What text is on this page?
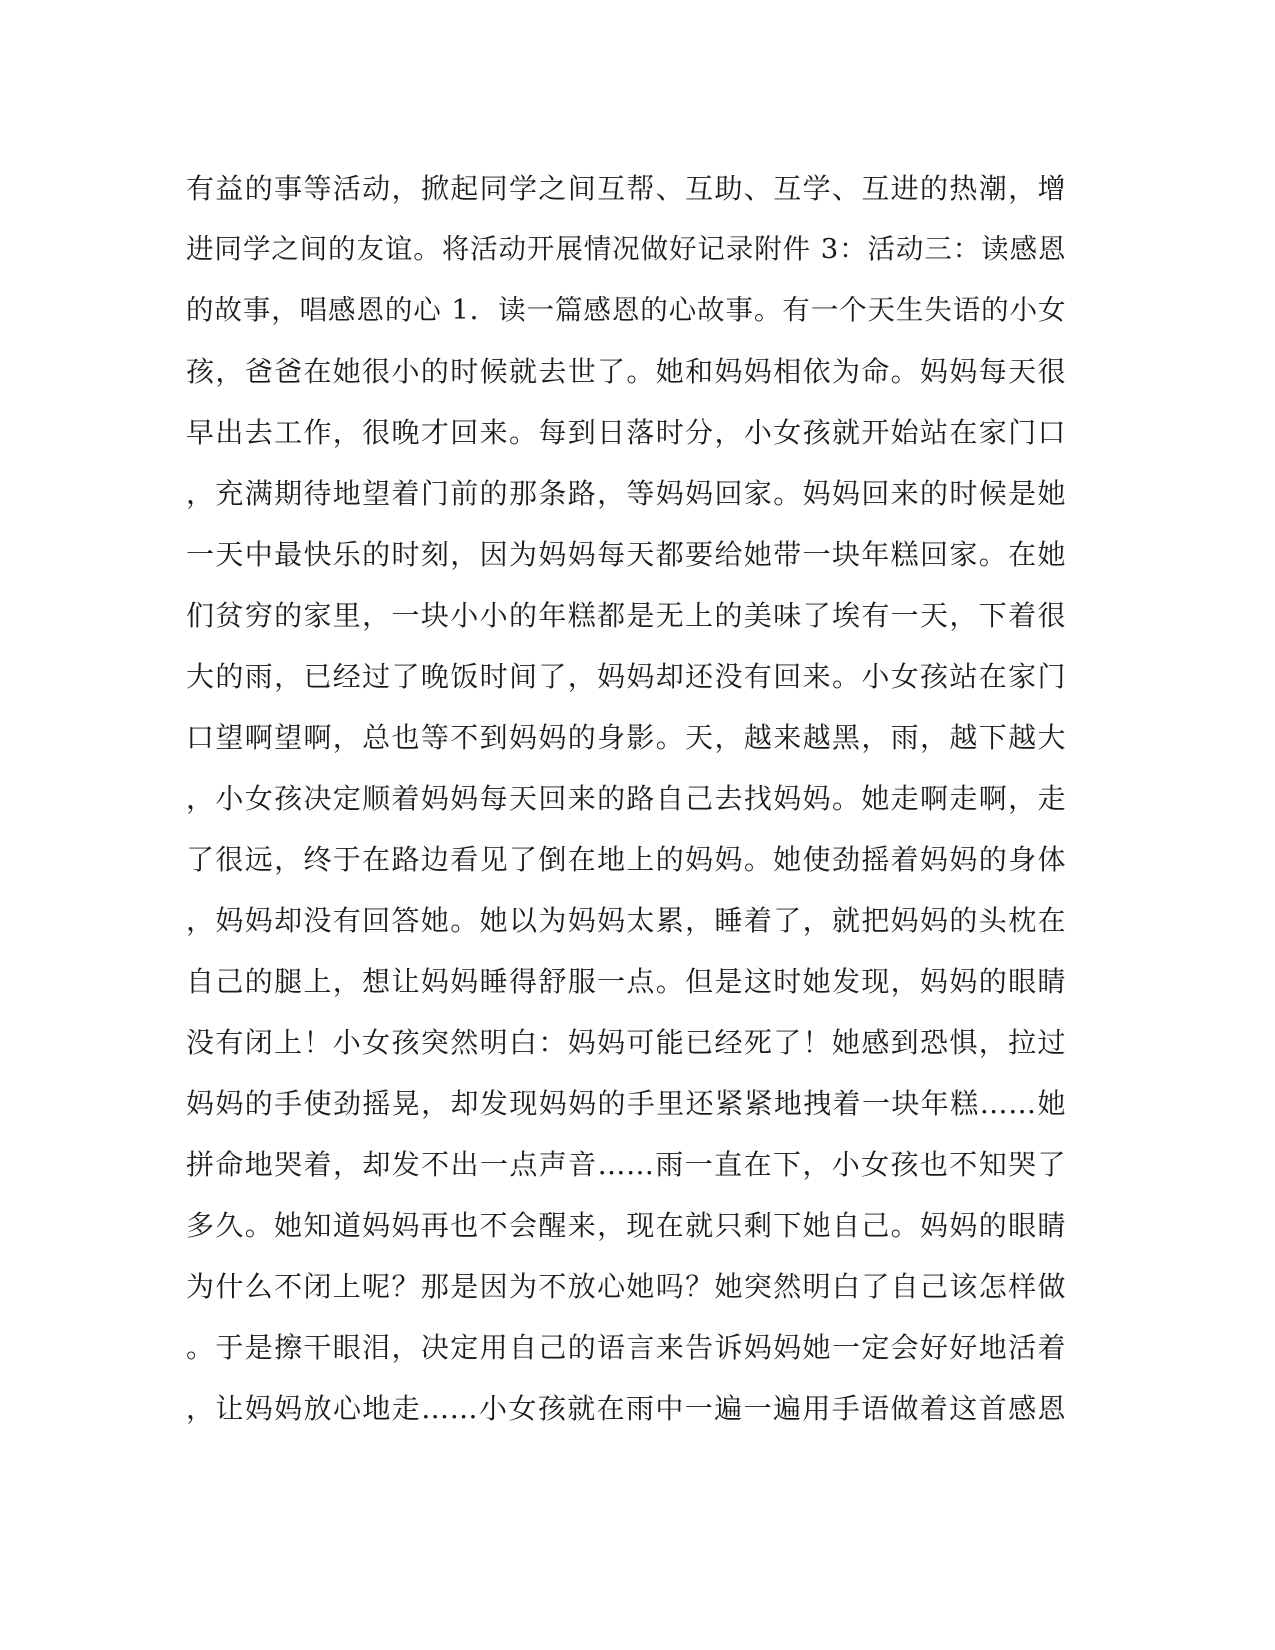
有益的事等活动，掀起同学之间互帮、互助、互学、互进的热潮，增
进同学之间的友谊。将活动开展情况做好记录附件 3：活动三：读感恩
的故事，唱感恩的心 1．读一篇感恩的心故事。有一个天生失语的小女
孩，爸爸在她很小的时候就去世了。她和妈妈相依为命。妈妈每天很
早出去工作，很晚才回来。每到日落时分，小女孩就开始站在家门口
，充满期待地望着门前的那条路，等妈妈回家。妈妈回来的时候是她
一天中最快乐的时刻，因为妈妈每天都要给她带一块年糕回家。在她
们贫穷的家里，一块小小的年糕都是无上的美味了埃有一天，下着很
大的雨，已经过了晚饭时间了，妈妈却还没有回来。小女孩站在家门
口望啊望啊，总也等不到妈妈的身影。天，越来越黑，雨，越下越大
，小女孩决定顺着妈妈每天回来的路自己去找妈妈。她走啊走啊，走
了很远，终于在路边看见了倒在地上的妈妈。她使劲摇着妈妈的身体
，妈妈却没有回答她。她以为妈妈太累，睡着了，就把妈妈的头枕在
自己的腿上，想让妈妈睡得舒服一点。但是这时她发现，妈妈的眼睛
没有闭上！小女孩突然明白：妈妈可能已经死了！她感到恐惧，拉过
妈妈的手使劲摇晃，却发现妈妈的手里还紧紧地拽着一块年糕……她
拼命地哭着，却发不出一点声音……雨一直在下，小女孩也不知哭了
多久。她知道妈妈再也不会醒来，现在就只剩下她自己。妈妈的眼睛
为什么不闭上呢？那是因为不放心她吗？她突然明白了自己该怎样做
。于是擦干眼泪，决定用自己的语言来告诉妈妈她一定会好好地活着
，让妈妈放心地走……小女孩就在雨中一遍一遍用手语做着这首感恩
